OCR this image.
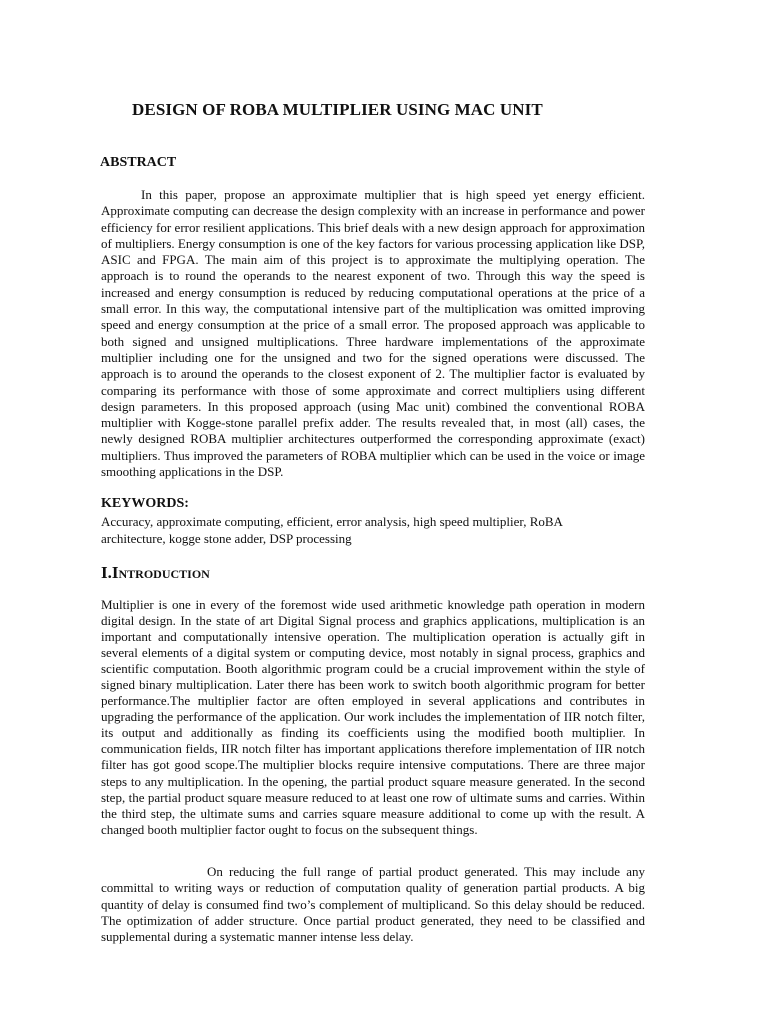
DESIGN OF ROBA MULTIPLIER USING MAC UNIT
ABSTRACT
In this paper, propose an approximate multiplier that is high speed yet energy efficient. Approximate computing can decrease the design complexity with an increase in performance and power efficiency for error resilient applications. This brief deals with a new design approach for approximation of multipliers. Energy consumption is one of the key factors for various processing application like DSP, ASIC and FPGA. The main aim of this project is to approximate the multiplying operation. The approach is to round the operands to the nearest exponent of two. Through this way the speed is increased and energy consumption is reduced by reducing computational operations at the price of a small error. In this way, the computational intensive part of the multiplication was omitted improving speed and energy consumption at the price of a small error. The proposed approach was applicable to both signed and unsigned multiplications. Three hardware implementations of the approximate multiplier including one for the unsigned and two for the signed operations were discussed. The approach is to around the operands to the closest exponent of 2. The multiplier factor is evaluated by comparing its performance with those of some approximate and correct multipliers using different design parameters. In this proposed approach (using Mac unit) combined the conventional ROBA multiplier with Kogge-stone parallel prefix adder. The results revealed that, in most (all) cases, the newly designed ROBA multiplier architectures outperformed the corresponding approximate (exact) multipliers. Thus improved the parameters of ROBA multiplier which can be used in the voice or image smoothing applications in the DSP.
KEYWORDS:
Accuracy, approximate computing, efficient, error analysis, high speed multiplier, RoBA architecture, kogge stone adder, DSP processing
I.Introduction
Multiplier is one in every of the foremost wide used arithmetic knowledge path operation in modern digital design. In the state of art Digital Signal process and graphics applications, multiplication is an important and computationally intensive operation. The multiplication operation is actually gift in several elements of a digital system or computing device, most notably in signal process, graphics and scientific computation. Booth algorithmic program could be a crucial improvement within the style of signed binary multiplication. Later there has been work to switch booth algorithmic program for better performance.The multiplier factor are often employed in several applications and contributes in upgrading the performance of the application. Our work includes the implementation of IIR notch filter, its output and additionally as finding its coefficients using the modified booth multiplier. In communication fields, IIR notch filter has important applications therefore implementation of IIR notch filter has got good scope.The multiplier blocks require intensive computations. There are three major steps to any multiplication. In the opening, the partial product square measure generated. In the second step, the partial product square measure reduced to at least one row of ultimate sums and carries. Within the third step, the ultimate sums and carries square measure additional to come up with the result. A changed booth multiplier factor ought to focus on the subsequent things.
On reducing the full range of partial product generated. This may include any committal to writing ways or reduction of computation quality of generation partial products. A big quantity of delay is consumed find two’s complement of multiplicand. So this delay should be reduced. The optimization of adder structure. Once partial product generated, they need to be classified and supplemental during a systematic manner intense less delay.
